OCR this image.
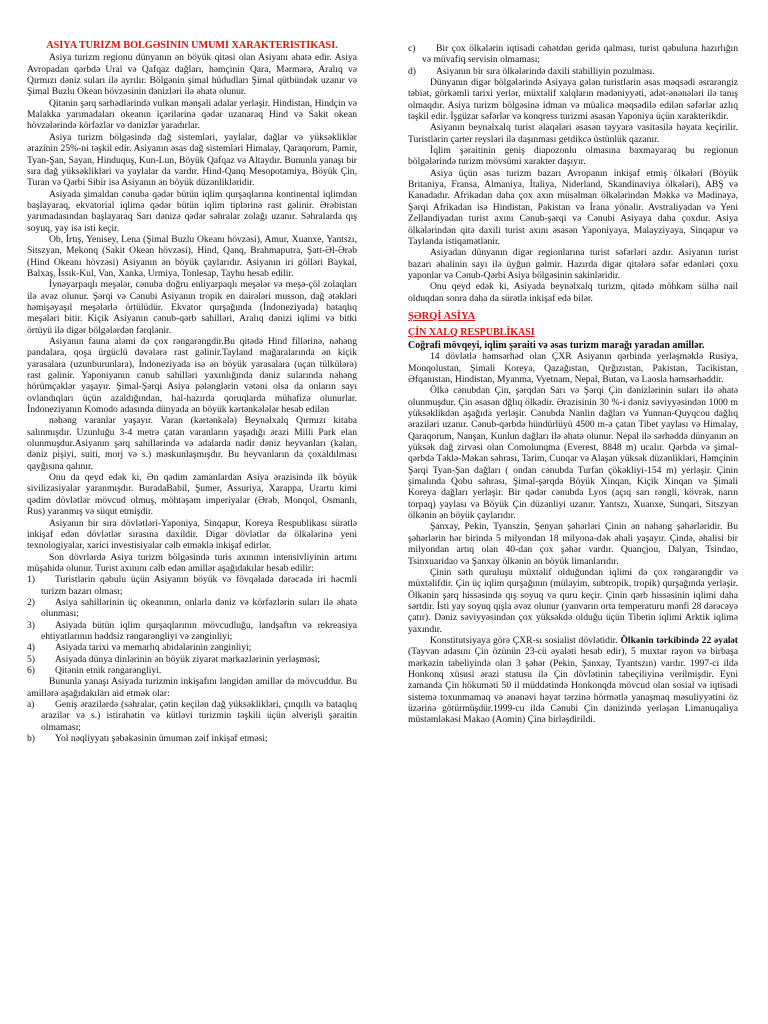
ASİYA TURİZM BÖLGƏSİNİN ÜMUMİ XARAKTERİSTİKASI.

Asiya turizm regionu dünyanın ən böyük qitəsi olan Asiyanı əhatə edir. Asiya Avropadan qərbdə Ural və Qafqaz dağları, həmçinin Qara, Mərmərə, Aralıq və Qırmızı dəniz suları ilə ayrılır. Bölgənin şimal hüdudları Şimal qütbündək uzanır və Şimal Buzlu Okean hövzəsinin dənizləri ilə əhatə olunur.

Qitənin şərq sərhədlərində vulkan mənşəli adalar yerləşir. Hindistan, Hindçin və Malakka yarımadaları okeanın içərilərinə qədər uzanaraq Hind və Sakit okean hövzələrində körfəzlər və dənizlər yaradırlar.

Asiya turizm bölgəsində dağ sistemləri, yaylalar, dağlar və yüksəkliklər ərazinin 25%-ni təşkil edir. Asiyanın əsas dağ sistemləri Himalay, Qaraqorum, Pamir, Tyan-Şan, Sayan, Hinduquş, Kun-Lun, Böyük Qafqaz və Altaydır. Bununla yanaşı bir sıra dağ yüksəklikləri və yaylalar da vardır. Hind-Qanq Mesopotamiya, Böyük Çin, Turan və Qərbi Sibir isə Asiyanın ən böyük düzənlikləridir.

Asiyada şimaldan cənuba qədər bütün iqlim qurşaqlarına kontinental iqlimdən başlayaraq, ekvatorial iqlimə qədər bütün iqlim tiplərinə rast gəlinir. Ərəbistan yarımadasından başlayaraq Sarı dənizə qədər səhralar zolağı uzanır. Səhralarda qış soyuq, yay isə isti keçir.

Ob, İrtış, Yenisey, Lena (Şimal Buzlu Okeanı hövzəsi), Amur, Xuanxe, Yantszı, Sitszyan, Mekonq (Sakit Okean hövzəsi), Hind, Qanq, Brahmaputra, Şatt-Əl-Ərəb (Hind Okeanı hövzəsi) Asiyanın ən böyük çaylarıdır. Asiyanın iri gölləri Baykal, Balxaş, İssık-Kul, Van, Xanka, Urmiya, Tonlesap, Tayhu hesab edilir.

İynəyarpaqlı meşələr, cənuba doğru enliyarpaqlı meşələr və meşə-çöl zolaqları ilə əvəz olunur. Şərqi və Cənubi Asiyanın tropik en dairələri musson, dağ ətəkləri həmişəyaşıl meşələrlə örtülüdür. Ekvator qurşağında (İndoneziyada) bataqlıq meşələri bitir. Kiçik Asiyanın cənub-qərb sahilləri, Aralıq dənizi iqlimi və bitki örtüyü ilə digər bölgələrdən fərqlənir.

Asiyanın fauna aləmi də çox rəngarəngdir.Bu qitədə Hind fillərinə, nəhəng pandalara, qoşa ürgüclü dəvələrə rast gəlinir.Tayland mağaralarında ən kiçik yarasalara (uzunburunlara), İndoneziyada isə ən böyük yarasalara (uçan tülkülərə) rast gəlinir. Yaponiyanın cənub sahilləri yaxınlığında dəniz sularında nəhəng hörümçəklər yaşayır. Şimal-Şərqi Asiya pələnglərin vətəni olsa da onların sayı ovlandıqları üçün azaldığından, hal-hazırda qoruqlarda mühafizə olunurlar. İndoneziyanın Komodo adasında dünyada ən böyük kərtənkələlər hesab edilən

nəhəng varanlar yaşayır. Varan (kərtənkələ) Beynəlxalq Qırmızı kitaba salınmışdır. Uzunluğu 3-4 metrə çatan varanların yaşadığı ərazi Milli Park elan olunmuşdur.Asiyanın şərq sahillərində və adalarda nadir dəniz heyvanları (kalan, dəniz pişiyi, suiti, morj və s.) məskunlaşmışdır. Bu heyvanların da çoxaldılması qayğısına qalınır.

Onu da qeyd edək ki, Ən qədim zamanlardan Asiya ərazisində ilk böyük sivilizasiyalar yaranmışdır. BuradaBabil, Şumer, Assuriya, Xarappa, Urartu kimi qədim dövlətlər mövcud olmuş, möhtəşəm imperiyalar (Ərəb, Monqol, Osmanlı, Rus) yaranmış və süqut etmişdir.

Asiyanın bir sıra dövlətləri-Yaponiya, Sinqapur, Koreya Respublikası sürətlə inkişaf edən dövlətlər sırasına daxildir. Digər dövlətlər də ölkələrinə yeni texnologiyalar, xarici investisiyalar cəlb etməklə inkişaf edirlər.

Son dövrlərdə Asiya turizm bölgəsində turis axınının intensivliyinin artımı müşahidə olunur. Turist axınını cəlb edən amillər aşağıdakılar hesab edilir:

1) Turistlərin qəbulu üçün Asiyanın böyük və fövqəladə dərəcədə iri həcmli turizm bazarı olması;

2) Asiya sahillərinin üç okeanının, onlarla dəniz və körfəzlərin suları ilə əhatə olunması;

3) Asiyada bütün iqlim qurşaqlarının mövcudluğu, landşaftın və rekreasiya ehtiyatlarının həddsiz rəngarəngliyi və zənginliyi;

4) Asiyada tarixi və memarlıq abidələrinin zənginliyi;

5) Asiyada dünya dinlərinin ən böyük ziyarət mərkəzlərinin yerləşməsi;

6) Qitənin etnik rəngarəngliyi.

Bununla yanaşı Asiyada turizmin inkişafını ləngidən amillər də mövcuddur. Bu amillərə aşağıdakıları aid etmək olar:

a) Geniş ərazilərdə (səhralar, çətin keçilən dağ yüksəklikləri, çınqıllı və bataqlıq arazilər və s.) istirahətin və kütləvi turizmin təşkili üçün əlverişli şəraitin olmaması;

b) Yol nəqliyyatı şəbəkəsinin ümumən zəif inkişaf etməsi;

c) Bir çox ölkələrin iqtisadi cəhətdən geridə qalması, turist qəbuluna hazırlığın və müvafiq servisin olmaması;

d) Asiyanın bir sıra ölkələrində daxili stabilliyin pozulması.

Dünyanın digər bölgələrində Asiyaya gələn turistlərin əsas məqsədi əsrarəngiz təbiət, görkəmli tarixi yerlər, müxtəlif xalqların mədəniyyəti, adət-ənənələri ilə tanış olmaqdır. Asiya turizm bölgəsinə idman və müalicə məqsədilə edilən səfərlər azlıq təşkil edir. İşgüzar səfərlər və konqress turizmi əsasən Yaponiya üçün xarakterikdir.

Asiyanın beynəlxalq turist əlaqələri əsasən təyyarə vasitəsilə həyata keçirilir. Turistlərin çarter reysləri ilə daşınması getdikcə üstünlük qazanır.

İqlim şəraitinin geniş diapozonlu olmasına baxmayaraq bu regionun bölgələrində turizm mövsümi xarakter daşıyır.

Asiya üçün əsas turizm bazarı Avropanın inkişaf etmiş ölkələri (Böyük Britaniya, Fransa, Almaniya, İtaliya, Niderland, Skandinaviya ölkələri), ABŞ və Kanadadır. Afrikadan daha çox axın müsəlman ölkələrindən Məkkə və Mədinəyə, Şərqi Afrikadan isə Hindistan, Pakistan və İrana yönəlir. Avstraliyadan və Yeni Zellandiyadan turist axını Cənub-şərqi və Cənubi Asiyaya daha çoxdur. Asiya ölkələrindən qitə daxili turist axını əsasən Yaponiyaya, Malayziyaya, Sinqapur və Taylanda istiqamətlənir.

Asiyadan dünyanın digər regionlarına turist səfərləri azdır. Asiyanın turist bazarı əhalinin sayı ilə üyğun gəlmir. Hazırda digər qitələrə səfər edənləri çoxu yaponlar və Cənub-Qərbi Asiya bölgəsinin sakinləridir.

Onu qeyd edək ki, Asiyada beynəlxalq turizm, qitədə möhkəm sülhə nail olduqdan sonra daha da sürətlə inkişaf edə bilər.

ŞƏRQİ ASİYA
ÇİN XALQ RESPUBLİKASI
Coğrafi mövqeyi, iqlim şəraiti və əsas turizm marağı yaradan amillər.

14 dövlətlə həmsərhəd olan ÇXR Asiyanın qərbində yerləşməklə Rusiya, Monqolustan, Şimali Koreya, Qazağıstan, Qırğızıstan, Pakistan, Tacikistan, Əfqanıstan, Hindistan, Myanma, Vyetnam, Nepal, Butan, və Laosla həmsərhəddir.

Ölkə cənubdan Çin, şərqdən Sarı və Şərqi Çin dənizlərinin suları ilə əhatə olunmuşdur. Çin əsasən dğlıq ölkədir. Ərazisinin 30 %-i dəniz səviyyəsindən 1000 m yüksəklikdən aşağıda yerləşir. Cənubda Nanlin dağları və Yunnan-Quyqcou dağlıq əraziləri uzanır. Cənub-qərbdə hündürlüyü 4500 m-ə çatan Tibet yaylası və Himalay, Qaraqorum, Nanşan, Kunlun dağları ilə əhatə olunur. Nepal ilə sərhəddə dünyanın ən yüksək dağ zirvəsi olan Comolunqma (Everest, 8848 m) ucalır. Qərbdə və şimal-qərbdə Təklə-Məkan səhrası, Tarim, Cunqar və Alaşan yüksək düzənlikləri, Həmçinin Şərqi Tyan-Şan dağları ( ondan cənubda Turfan çökəkliyi-154 m) yerləşir. Çinin şimalında Qobu səhrası, Şimal-şərqdə Böyük Xinqan, Kiçik Xinqan və Şimali Koreya dağları yerləşir. Bir qədər cənubda Lyos (açıq sarı rəngli, kövrək, narın torpaq) yaylası və Böyük Çin düzənliyi uzanır. Yantszı, Xuanxe, Sunqari, Sitszyan ölkənin ən böyük çaylarıdır.

Şanxay, Pekin, Tyanszin, Şenyan şəhərləri Çinin ən nəhəng şəhərləridir. Bu şəhərlərin hər birində 5 milyondan 18 milyona-dək əhali yaşayır. Çində, əhalisi bir milyondan artıq olan 40-dan çox şəhər vardır. Quançjou, Dalyan, Tsindao, Tsinxuaridao və Şanxay ölkənin ən böyük limanlarıdır.

Çinin səth quruluşu müxtəlif olduğundan iqlimi də çox rəngarəngdir və müxtəlifdir. Çin üç iqlim qurşağının (mülayim, subtropik, tropik) qurşağında yerləşir. Ölkənin şərq hissəsində qış soyuq və quru keçir. Çinin qərb hissəsinin iqlimi daha sərtdir. İsti yay soyuq qışla əvəz olunur (yanvarın orta temperaturu mənfi 28 dərəcəyə çatır). Dəniz səviyyəsindən çox yüksəkdə olduğu üçün Tibetin iqlimi Arktik iqlimə yaxındır.

Konstitutsiyaya görə ÇXR-sı sosialist dövlətidir. Ölkənin tərkibində 22 əyalət (Tayvan adasını Çin özünün 23-cü əyaləti hesab edir), 5 muxtar rayon və birbaşa mərkəzin tabeliyində olan 3 şəhər (Pekin, Şanxay, Tyantszın) vardır. 1997-ci ildə Honkonq xüsusi ərazi statusu ilə Çin dövlətinin tabeçiliyinə verilmişdir. Eyni zamanda Çin hökuməti 50 il müddətində Honkonqda mövcud olan sosial və iqtisadi sistemə toxunmamaq və ənənəvi həyat tərzinə hörmətlə yanaşmaq məsuliyyətini öz üzərinə götürmüşdür.1999-cu ildə Cənubi Çin dənizində yerləşən Limanuqaliya müstəmləkəsi Makao (Aomin) Çinə birləşdirildi.
